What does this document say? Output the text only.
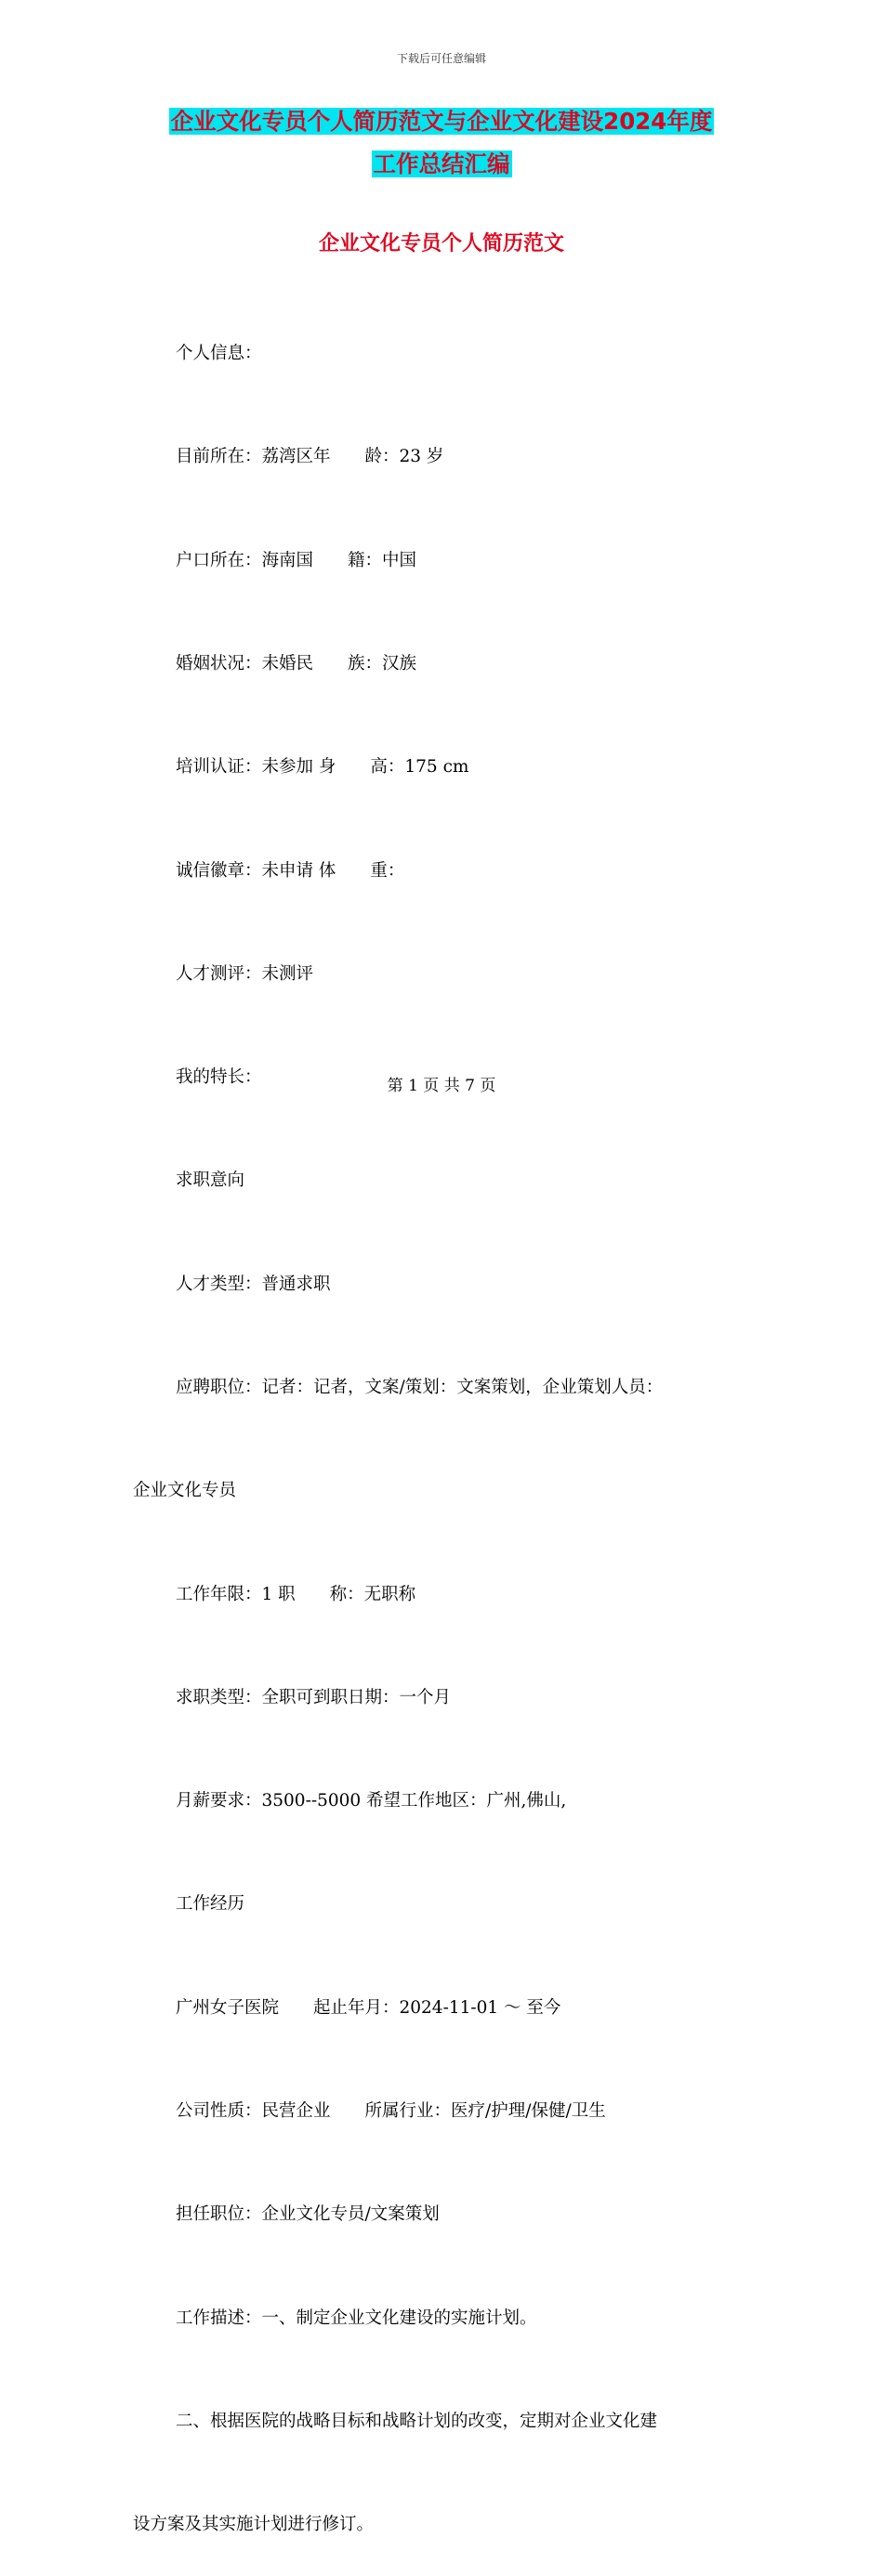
下载后可任意编辑
企业文化专员个人简历范文与企业文化建设2024年度
工作总结汇编
企业文化专员个人简历范文

个人信息：

目前所在：荔湾区年　　龄：23 岁

户口所在：海南国　　籍：中国

婚姻状况：未婚民　　族：汉族

培训认证：未参加 身　　高：175 cm

诚信徽章：未申请 体　　重：

人才测评：未测评

我的特长：

求职意向

人才类型：普通求职

应聘职位：记者：记者，文案/策划：文案策划，企业策划人员：

企业文化专员

工作年限：1 职　　称：无职称

求职类型：全职可到职日期：一个月

月薪要求：3500--5000 希望工作地区：广州,佛山,

工作经历

广州女子医院　　起止年月：2024-11-01 ～ 至今

公司性质：民营企业　　所属行业：医疗/护理/保健/卫生

担任职位：企业文化专员/文案策划

工作描述：一、制定企业文化建设的实施计划。

二、根据医院的战略目标和战略计划的改变，定期对企业文化建

设方案及其实施计划进行修订。

第 1 页 共 7 页
